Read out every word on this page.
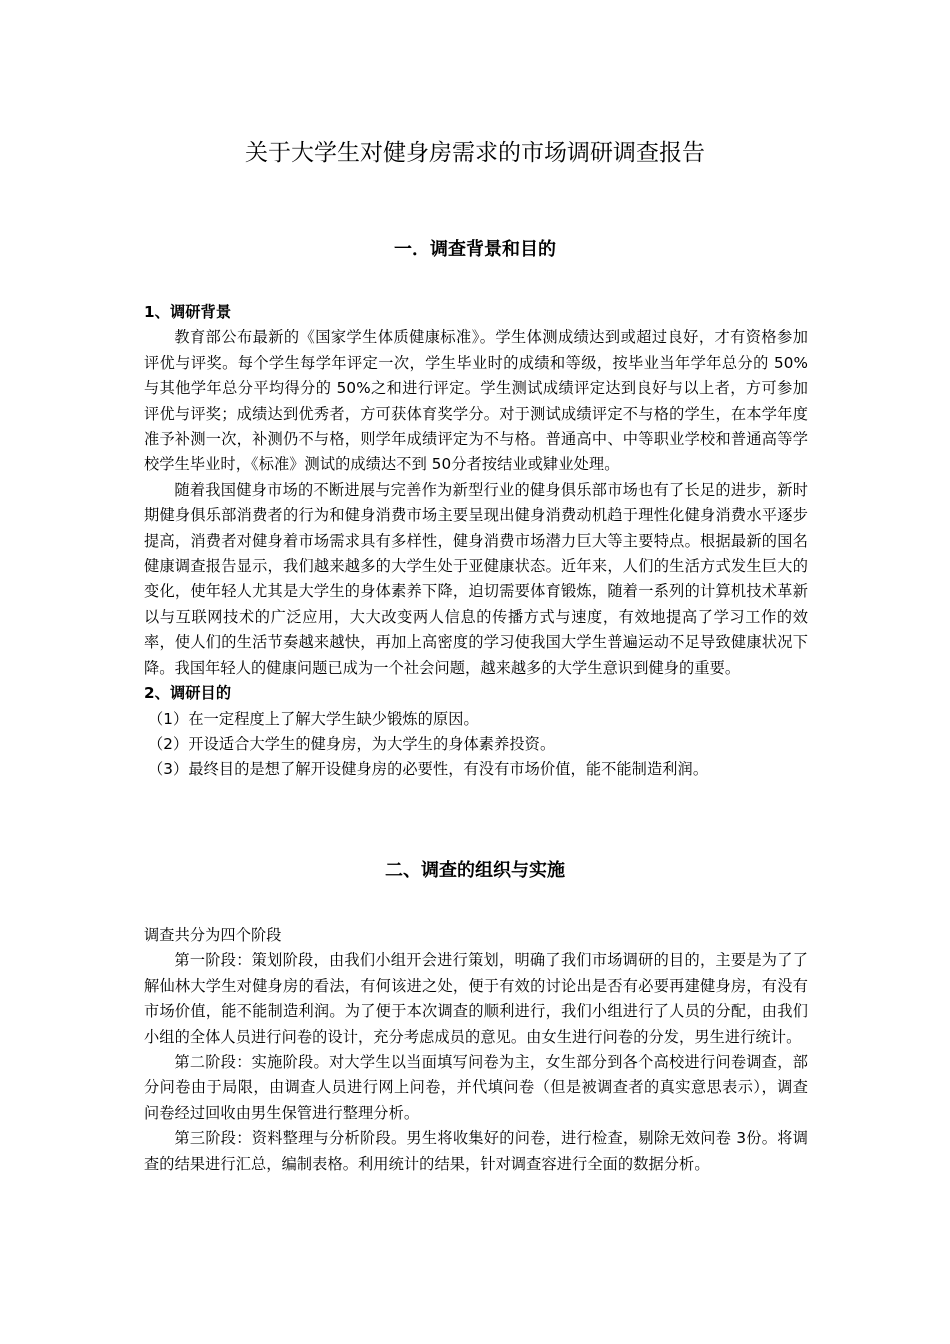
关于大学生对健身房需求的市场调研调查报告
一．调查背景和目的

1、调研背景

教育部公布最新的《国家学生体质健康标准》。学生体测成绩达到或超过良好，才有资格参加评优与评奖。每个学生每学年评定一次，学生毕业时的成绩和等级，按毕业当年学年总分的 50%与其他学年总分平均得分的 50%之和进行评定。学生测试成绩评定达到良好与以上者，方可参加评优与评奖；成绩达到优秀者，方可获体育奖学分。对于测试成绩评定不与格的学生，在本学年度准予补测一次，补测仍不与格，则学年成绩评定为不与格。普通高中、中等职业学校和普通高等学校学生毕业时，《标准》测试的成绩达不到 50分者按结业或肄业处理。

随着我国健身市场的不断进展与完善作为新型行业的健身俱乐部市场也有了长足的进步，新时期健身俱乐部消费者的行为和健身消费市场主要呈现出健身消费动机趋于理性化健身消费水平逐步提高，消费者对健身着市场需求具有多样性，健身消费市场潜力巨大等主要特点。根据最新的国名健康调查报告显示，我们越来越多的大学生处于亚健康状态。近年来，人们的生活方式发生巨大的变化，使年轻人尤其是大学生的身体素养下降，迫切需要体育锻炼，随着一系列的计算机技术革新以与互联网技术的广泛应用，大大改变两人信息的传播方式与速度，有效地提高了学习工作的效率，使人们的生活节奏越来越快，再加上高密度的学习使我国大学生普遍运动不足导致健康状况下降。我国年轻人的健康问题已成为一个社会问题，越来越多的大学生意识到健身的重要。

2、调研目的

（1）在一定程度上了解大学生缺少锻炼的原因。

（2）开设适合大学生的健身房，为大学生的身体素养投资。

（3）最终目的是想了解开设健身房的必要性，有没有市场价值，能不能制造利润。

二、调查的组织与实施

调查共分为四个阶段

第一阶段：策划阶段，由我们小组开会进行策划，明确了我们市场调研的目的，主要是为了了解仙林大学生对健身房的看法，有何该进之处，便于有效的讨论出是否有必要再建健身房，有没有市场价值，能不能制造利润。为了便于本次调查的顺利进行，我们小组进行了人员的分配，由我们小组的全体人员进行问卷的设计，充分考虑成员的意见。由女生进行问卷的分发，男生进行统计。

第二阶段：实施阶段。对大学生以当面填写问卷为主，女生部分到各个高校进行问卷调查，部分问卷由于局限，由调查人员进行网上问卷，并代填问卷（但是被调查者的真实意思表示），调查问卷经过回收由男生保管进行整理分析。

第三阶段：资料整理与分析阶段。男生将收集好的问卷，进行检查，剔除无效问卷 3份。将调查的结果进行汇总，编制表格。利用统计的结果，针对调查容进行全面的数据分析。
